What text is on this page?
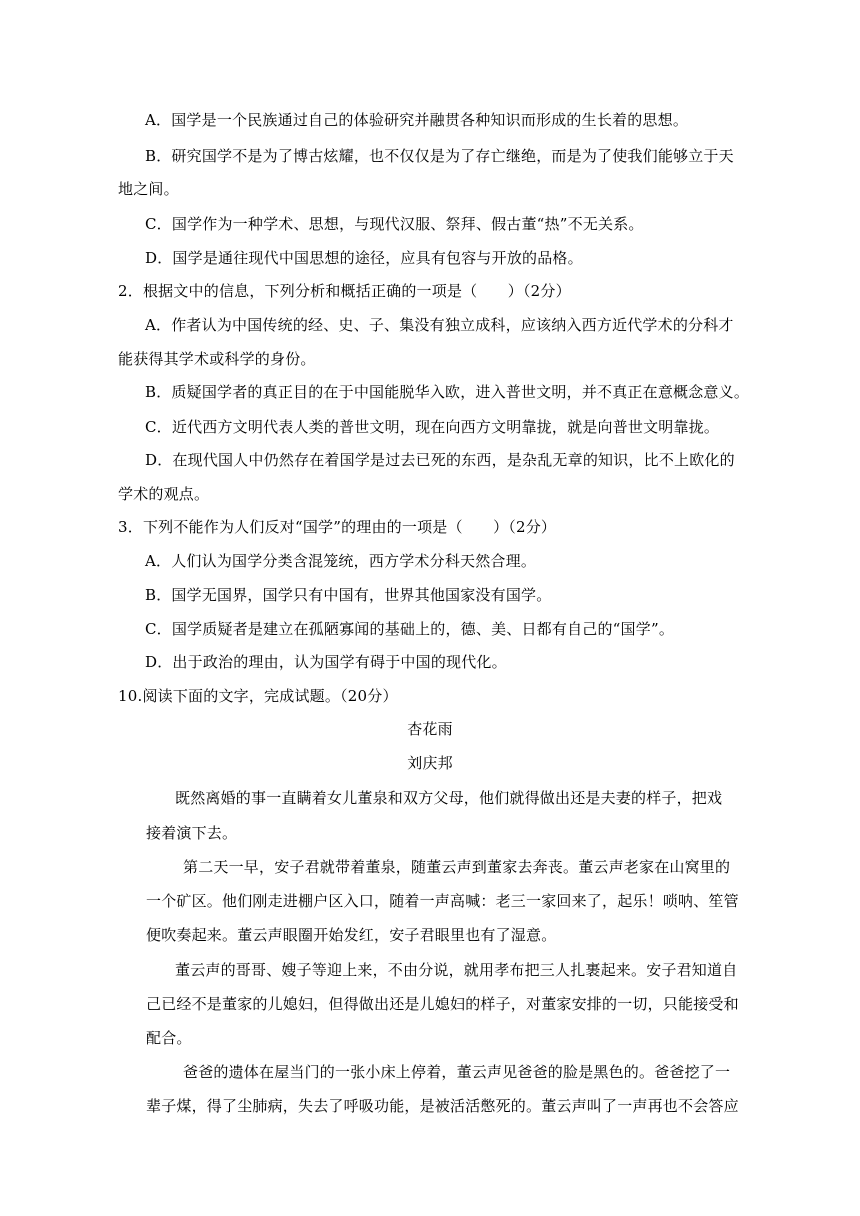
A．国学是一个民族通过自己的体验研究并融贯各种知识而形成的生长着的思想。
B．研究国学不是为了博古炫耀，也不仅仅是为了存亡继绝，而是为了使我们能够立于天
地之间。
C．国学作为一种学术、思想，与现代汉服、祭拜、假古董“热”不无关系。
D．国学是通往现代中国思想的途径，应具有包容与开放的品格。
2．根据文中的信息，下列分析和概括正确的一项是（　　）（2分）
A．作者认为中国传统的经、史、子、集没有独立成科，应该纳入西方近代学术的分科才
能获得其学术或科学的身份。
B．质疑国学者的真正目的在于中国能脱华入欧，进入普世文明，并不真正在意概念意义。
C．近代西方文明代表人类的普世文明，现在向西方文明靠拢，就是向普世文明靠拢。
D．在现代国人中仍然存在着国学是过去已死的东西，是杂乱无章的知识，比不上欧化的
学术的观点。
3．下列不能作为人们反对“国学”的理由的一项是（　　）（2分）
A．人们认为国学分类含混笼统，西方学术分科天然合理。
B．国学无国界，国学只有中国有，世界其他国家没有国学。
C．国学质疑者是建立在孤陋寡闻的基础上的，德、美、日都有自己的“国学”。
D．出于政治的理由，认为国学有碍于中国的现代化。
10.阅读下面的文字，完成试题。（20分）
杏花雨
刘庆邦
既然离婚的事一直瞒着女儿董泉和双方父母，他们就得做出还是夫妻的样子，把戏
接着演下去。
第二天一早，安子君就带着董泉，随董云声到董家去奔丧。董云声老家在山窝里的
一个矿区。他们刚走进棚户区入口，随着一声高喊：老三一家回来了，起乐！唢呐、笙管
便吹奏起来。董云声眼圈开始发红，安子君眼里也有了湿意。
董云声的哥哥、嫂子等迎上来，不由分说，就用孝布把三人扎裹起来。安子君知道自
己已经不是董家的儿媳妇，但得做出还是儿媳妇的样子，对董家安排的一切，只能接受和
配合。
爸爸的遗体在屋当门的一张小床上停着，董云声见爸爸的脸是黑色的。爸爸挖了一
辈子煤，得了尘肺病，失去了呼吸功能，是被活活憋死的。董云声叫了一声再也不会答应
